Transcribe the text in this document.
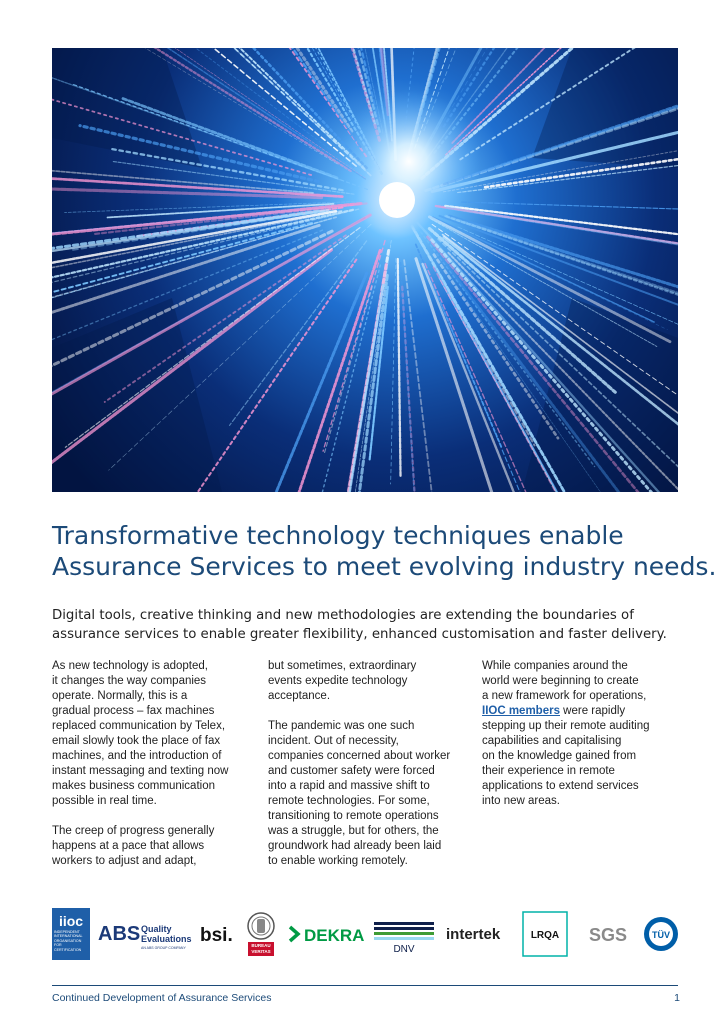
Transformative technology techniques enable
Assurance Services to meet evolving industry needs.

Digital tools, creative thinking and new methodologies are extending the boundaries of
assurance services to enable greater flexibility, enhanced customisation and faster delivery.

As new technology is adopted,
it changes the way companies
operate. Normally, this is a
gradual process – fax machines
replaced communication by Telex,
email slowly took the place of fax
machines, and the introduction of
instant messaging and texting now
makes business communication
possible in real time.

The creep of progress generally
happens at a pace that allows
workers to adjust and adapt,

but sometimes, extraordinary
events expedite technology
acceptance.

The pandemic was one such
incident. Out of necessity,
companies concerned about worker
and customer safety were forced
into a rapid and massive shift to
remote technologies. For some,
transitioning to remote operations
was a struggle, but for others, the
groundwork had already been laid
to enable working remotely.

While companies around the
world were beginning to create
a new framework for operations,
IIOC members were rapidly
stepping up their remote auditing
capabilities and capitalising
on the knowledge gained from
their experience in remote
applications to extend services
into new areas.

iioc
INDEPENDENT INTERNATIONAL ORGANISATION FOR CERTIFICATION
ABS Quality
Evaluations
AN ABS GROUP COMPANY
bsi.	BUREAU VERITAS
DEKRA
DNV
intertek	LRQA SGS	TÜV
Continued Development of Assurance Services	1
